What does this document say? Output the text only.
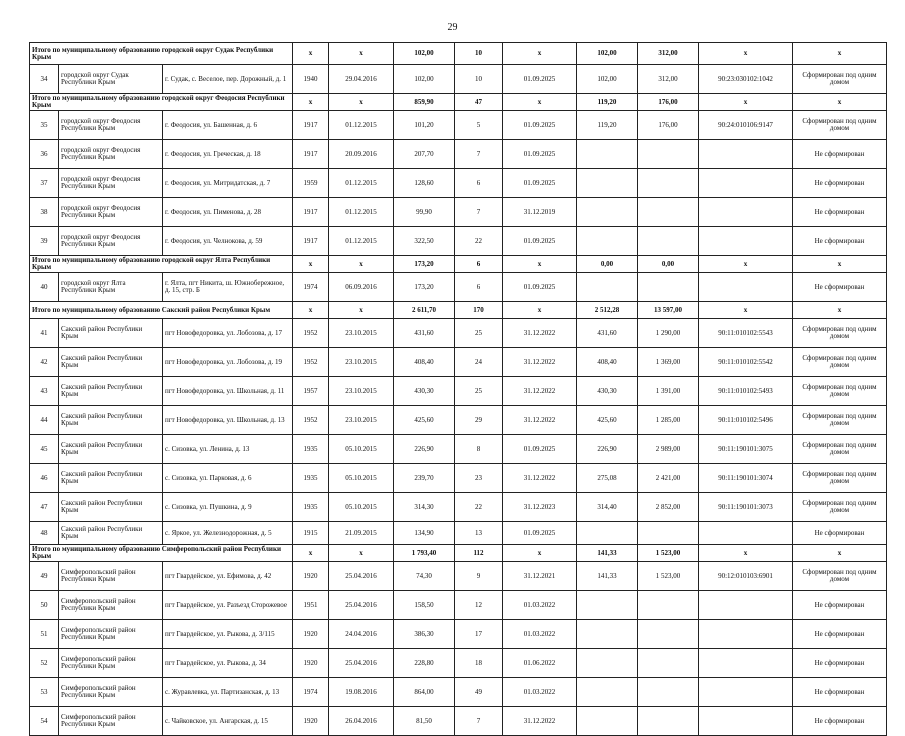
29
Итого по муниципальному образованию городской округ Судак Республики Крым			x	x	102,00	10	x	102,00	312,00	x	x
34	городской округ Судак Республики Крым	г. Судак, с. Веселое, пер. Дорожный, д. 1	1940	29.04.2016	102,00	10	01.09.2025	102,00	312,00	90:23:030102:1042	Сформирован под одним домом
Итого по муниципальному образованию городской округ Феодосия Республики Крым			x	x	859,90	47	x	119,20	176,00	x	x
35	городской округ Феодосия Республики Крым	г. Феодосия, ул. Башенная, д. 6	1917	01.12.2015	101,20	5	01.09.2025	119,20	176,00	90:24:010106:9147	Сформирован под одним домом
36	городской округ Феодосия Республики Крым	г. Феодосия, ул. Греческая, д. 18	1917	20.09.2016	207,70	7	01.09.2025				Не сформирован
37	городской округ Феодосия Республики Крым	г. Феодосия, ул. Митридатская, д. 7	1959	01.12.2015	128,60	6	01.09.2025				Не сформирован
38	городской округ Феодосия Республики Крым	г. Феодосия, ул. Пименова, д. 28	1917	01.12.2015	99,90	7	31.12.2019				Не сформирован
39	городской округ Феодосия Республики Крым	г. Феодосия, ул. Челнокова, д. 59	1917	01.12.2015	322,50	22	01.09.2025				Не сформирован
Итого по муниципальному образованию городской округ Ялта Республики Крым			x	x	173,20	6	x	0,00	0,00	x	x
40	городской округ Ялта Республики Крым	г. Ялта, пгт Никита, ш. Южнобережное, д. 15, стр. Б	1974	06.09.2016	173,20	6	01.09.2025				Не сформирован
Итого по муниципальному образованию Сакский район Республики Крым			x	x	2 611,70	170	x	2 512,28	13 597,00	x	x
41	Сакский район Республики Крым	пгт Новофедоровка, ул. Лобозова, д. 17	1952	23.10.2015	431,60	25	31.12.2022	431,60	1 290,00	90:11:010102:5543	Сформирован под одним домом
42	Сакский район Республики Крым	пгт Новофедоровка, ул. Лобозова, д. 19	1952	23.10.2015	408,40	24	31.12.2022	408,40	1 369,00	90:11:010102:5542	Сформирован под одним домом
43	Сакский район Республики Крым	пгт Новофедоровка, ул. Школьная, д. 11	1957	23.10.2015	430,30	25	31.12.2022	430,30	1 391,00	90:11:010102:5493	Сформирован под одним домом
44	Сакский район Республики Крым	пгт Новофедоровка, ул. Школьная, д. 13	1952	23.10.2015	425,60	29	31.12.2022	425,60	1 285,00	90:11:010102:5496	Сформирован под одним домом
45	Сакский район Республики Крым	с. Сизовка, ул. Ленина, д. 13	1935	05.10.2015	226,90	8	01.09.2025	226,90	2 989,00	90:11:190101:3075	Сформирован под одним домом
46	Сакский район Республики Крым	с. Сизовка, ул. Парковая, д. 6	1935	05.10.2015	239,70	23	31.12.2022	275,08	2 421,00	90:11:190101:3074	Сформирован под одним домом
47	Сакский район Республики Крым	с. Сизовка, ул. Пушкина, д. 9	1935	05.10.2015	314,30	22	31.12.2023	314,40	2 852,00	90:11:190101:3073	Сформирован под одним домом
48	Сакский район Республики Крым	с. Яркое, ул. Железнодорожная, д. 5	1915	21.09.2015	134,90	13	01.09.2025				Не сформирован
Итого по муниципальному образованию Симферопольский район Республики Крым			x	x	1 793,40	112	x	141,33	1 523,00	x	x
49	Симферопольский район Республики Крым	пгт Гвардейское, ул. Ефимова, д. 42	1920	25.04.2016	74,30	9	31.12.2021	141,33	1 523,00	90:12:010103:6901	Сформирован под одним домом
50	Симферопольский район Республики Крым	пгт Гвардейское, ул. Разъезд Сторожевое	1951	25.04.2016	158,50	12	01.03.2022				Не сформирован
51	Симферопольский район Республики Крым	пгт Гвардейское, ул. Рыкова, д. 3/115	1920	24.04.2016	386,30	17	01.03.2022				Не сформирован
52	Симферопольский район Республики Крым	пгт Гвардейское, ул. Рыкова, д. 34	1920	25.04.2016	228,80	18	01.06.2022				Не сформирован
53	Симферопольский район Республики Крым	с. Журавлевка, ул. Партизанская, д. 13	1974	19.08.2016	864,00	49	01.03.2022				Не сформирован
54	Симферопольский район Республики Крым	с. Чайковское, ул. Ангарская, д. 15	1920	26.04.2016	81,50	7	31.12.2022				Не сформирован
